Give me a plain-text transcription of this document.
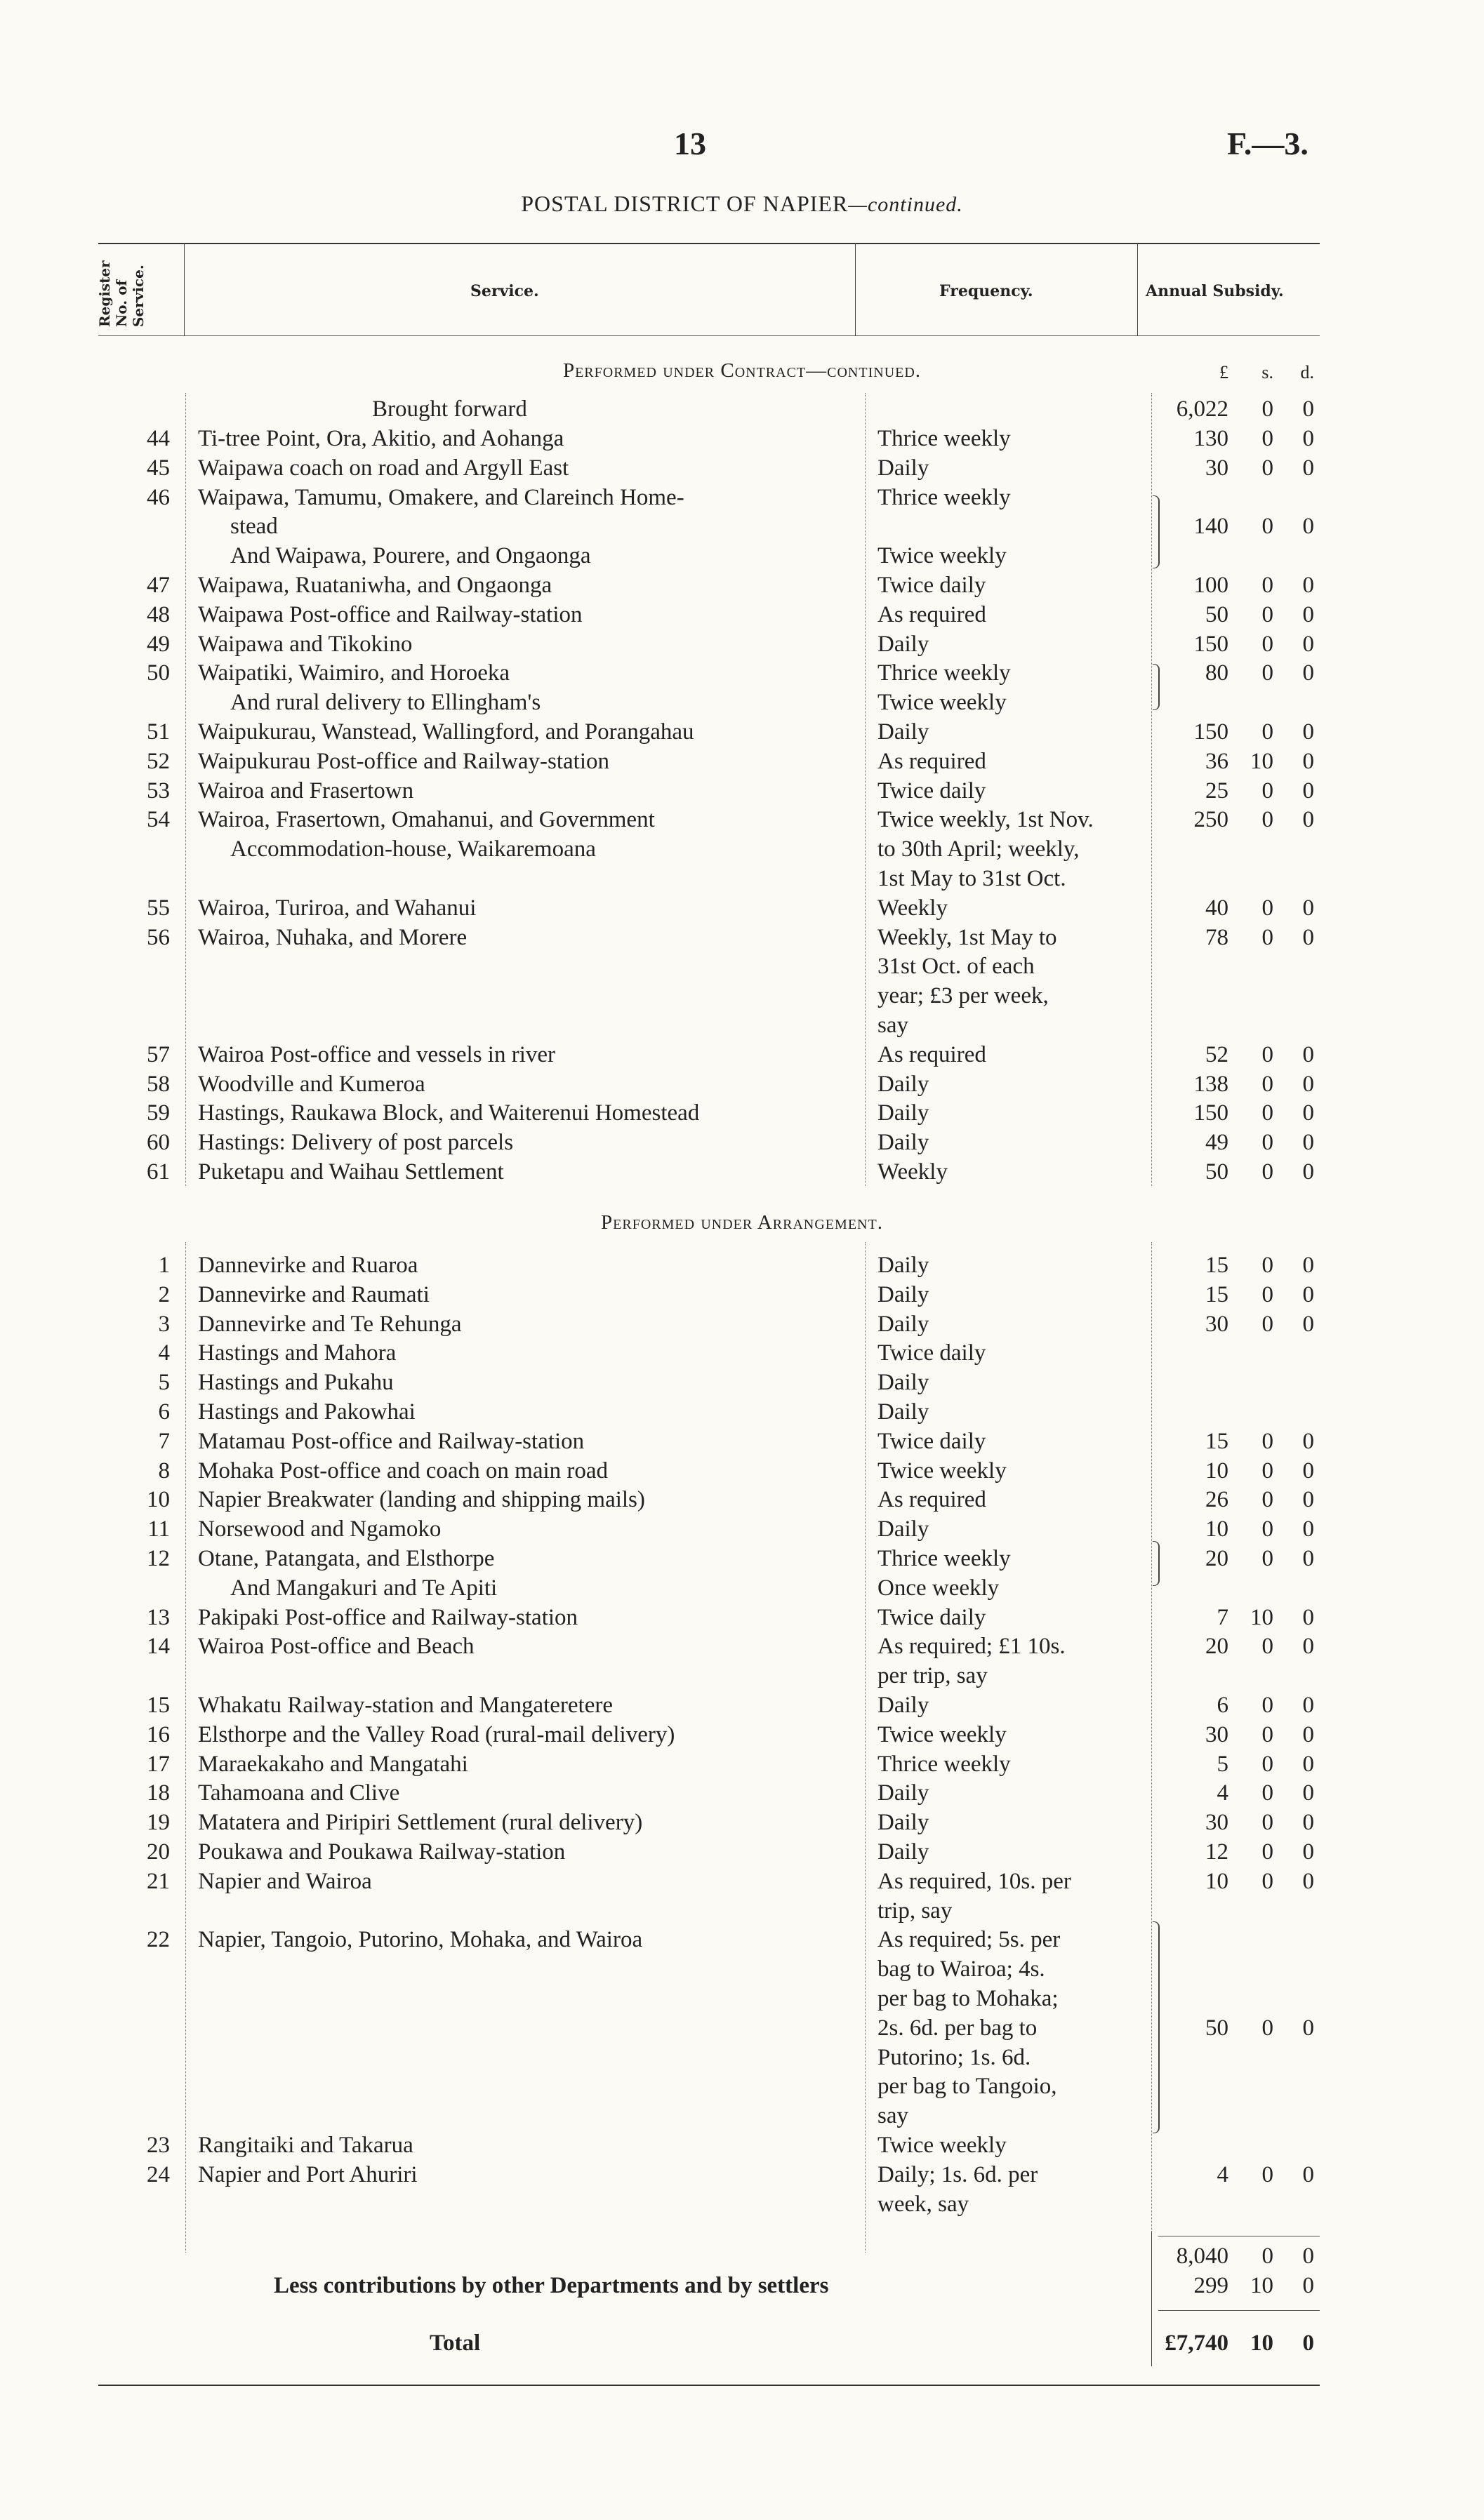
13	F.—3.
POSTAL DISTRICT OF NAPIER—continued.
Register No. of Service.	Service.	Frequency.	Annual Subsidy.
Performed under Contract—continued.	£	s.	d.
Brought forward	6,022	0	0
44 Ti-tree Point, Ora, Akitio, and Aohanga	Thrice weekly	130	0	0
45 Waipawa coach on road and Argyll East	Daily	30	0	0
46 Waipawa, Tamumu, Omakere, and Clareinch Home-	Thrice weekly
stead	140	0	0
And Waipawa, Pourere, and Ongaonga	Twice weekly
47 Waipawa, Ruataniwha, and Ongaonga	Twice daily	100	0	0
48 Waipawa Post-office and Railway-station	As required	50	0	0
49 Waipawa and Tikokino	Daily	150	0	0
50 Waipatiki, Waimiro, and Horoeka	Thrice weekly	80	0	0
And rural delivery to Ellingham's	Twice weekly
51 Waipukurau, Wanstead, Wallingford, and Porangahau	Daily	150	0	0
52 Waipukurau Post-office and Railway-station	As required	36 10	0
53 Wairoa and Frasertown	Twice daily	25	0	0
54 Wairoa, Frasertown, Omahanui, and Government	Twice weekly, 1st Nov.	250	0	0
Accommodation-house, Waikaremoana	to 30th April; weekly,
1st May to 31st Oct.
55 Wairoa, Turiroa, and Wahanui	Weekly	40	0	0
56 Wairoa, Nuhaka, and Morere	Weekly, 1st May to	78	0	0
31st Oct. of each
year; £3 per week,
say
57 Wairoa Post-office and vessels in river	As required	52	0	0
58 Woodville and Kumeroa	Daily	138	0	0
59 Hastings, Raukawa Block, and Waiterenui Homestead	Daily	150	0	0
60 Hastings: Delivery of post parcels	Daily	49	0	0
61 Puketapu and Waihau Settlement	Weekly	50	0	0
Performed under Arrangement.
1 Dannevirke and Ruaroa	Daily	15	0	0
2 Dannevirke and Raumati	Daily	15	0	0
3 Dannevirke and Te Rehunga	Daily	30	0	0
4 Hastings and Mahora	Twice daily
5 Hastings and Pukahu	Daily
6 Hastings and Pakowhai	Daily
7 Matamau Post-office and Railway-station	Twice daily	15	0	0
8 Mohaka Post-office and coach on main road	Twice weekly	10	0	0
10 Napier Breakwater (landing and shipping mails)	As required	26	0	0
11 Norsewood and Ngamoko	Daily	10	0	0
12 Otane, Patangata, and Elsthorpe	Thrice weekly	20	0	0
And Mangakuri and Te Apiti	Once weekly
13 Pakipaki Post-office and Railway-station	Twice daily	7 10	0
14 Wairoa Post-office and Beach	As required; £1 10s.	20	0	0
per trip, say
15 Whakatu Railway-station and Mangateretere	Daily	6	0	0
16 Elsthorpe and the Valley Road (rural-mail delivery)	Twice weekly	30	0	0
17 Maraekakaho and Mangatahi	Thrice weekly	5	0	0
18 Tahamoana and Clive	Daily	4	0	0
19 Matatera and Piripiri Settlement (rural delivery)	Daily	30	0	0
20 Poukawa and Poukawa Railway-station	Daily	12	0	0
21 Napier and Wairoa	As required, 10s. per	10	0	0
trip, say
22 Napier, Tangoio, Putorino, Mohaka, and Wairoa	As required; 5s. per
bag to Wairoa; 4s.
per bag to Mohaka;
2s. 6d. per bag to	50	0	0
Putorino; 1s. 6d.
per bag to Tangoio,
say
23 Rangitaiki and Takarua	Twice weekly
24 Napier and Port Ahuriri	Daily; 1s. 6d. per	4	0	0
week, say
8,040	0	0
Less contributions by other Departments and by settlers	299 10	0
Total	£7,740 10	0
